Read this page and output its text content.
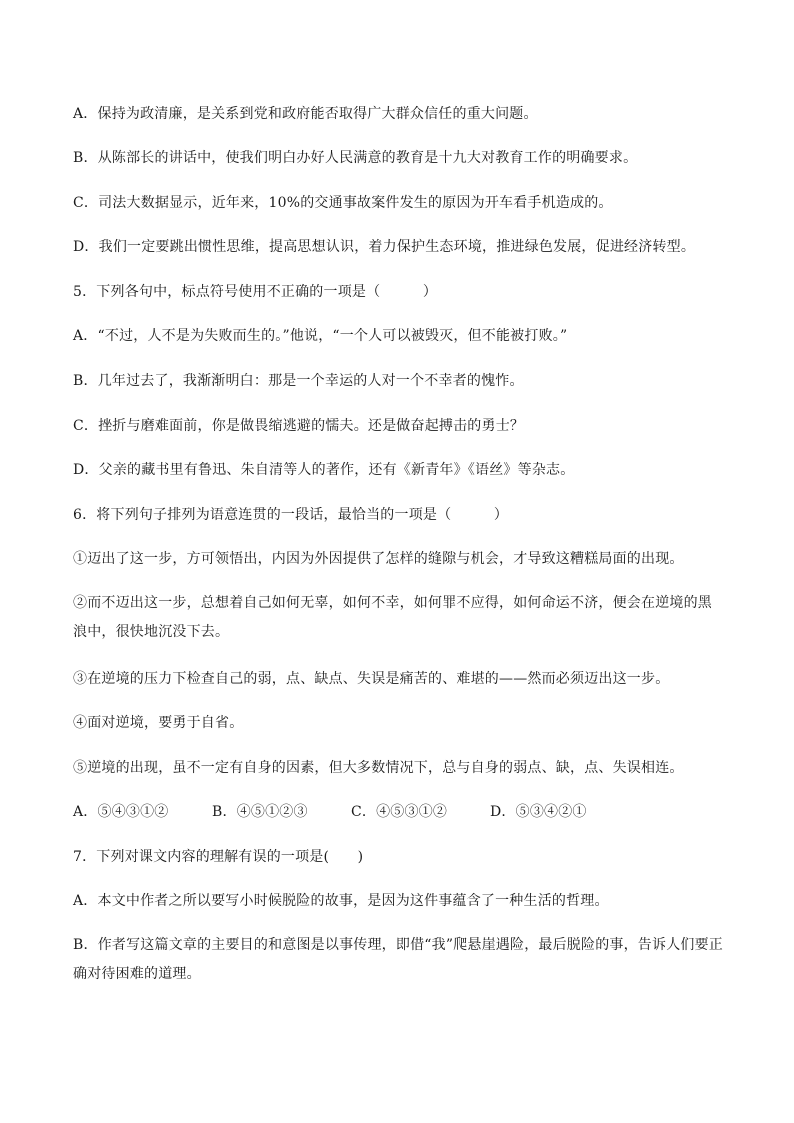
A．保持为政清廉，是关系到党和政府能否取得广大群众信任的重大问题。
B．从陈部长的讲话中，使我们明白办好人民满意的教育是十九大对教育工作的明确要求。
C．司法大数据显示，近年来，10%的交通事故案件发生的原因为开车看手机造成的。
D．我们一定要跳出惯性思维，提高思想认识，着力保护生态环境，推进绿色发展，促进经济转型。
5．下列各句中，标点符号使用不正确的一项是（　　　）
A．“不过，人不是为失败而生的。”他说，“一个人可以被毁灭，但不能被打败。”
B．几年过去了，我渐渐明白：那是一个幸运的人对一个不幸者的愧怍。
C．挫折与磨难面前，你是做畏缩逃避的懦夫。还是做奋起搏击的勇士？
D．父亲的藏书里有鲁迅、朱自清等人的著作，还有《新青年》《语丝》等杂志。
6．将下列句子排列为语意连贯的一段话，最恰当的一项是（　　　）
①迈出了这一步，方可领悟出，内因为外因提供了怎样的缝隙与机会，才导致这糟糕局面的出现。
②而不迈出这一步，总想着自己如何无辜，如何不幸，如何罪不应得，如何命运不济，便会在逆境的黑浪中，很快地沉没下去。
③在逆境的压力下检查自己的弱，点、缺点、失误是痛苦的、难堪的——然而必须迈出这一步。
④面对逆境，要勇于自省。
⑤逆境的出现，虽不一定有自身的因素，但大多数情况下，总与自身的弱点、缺，点、失误相连。
A．⑤④③①②	B．④⑤①②③	C．④⑤③①②	D．⑤③④②①
7．下列对课文内容的理解有误的一项是(　　)
A．本文中作者之所以要写小时候脱险的故事，是因为这件事蕴含了一种生活的哲理。
B．作者写这篇文章的主要目的和意图是以事传理，即借“我”爬悬崖遇险，最后脱险的事，告诉人们要正确对待困难的道理。
